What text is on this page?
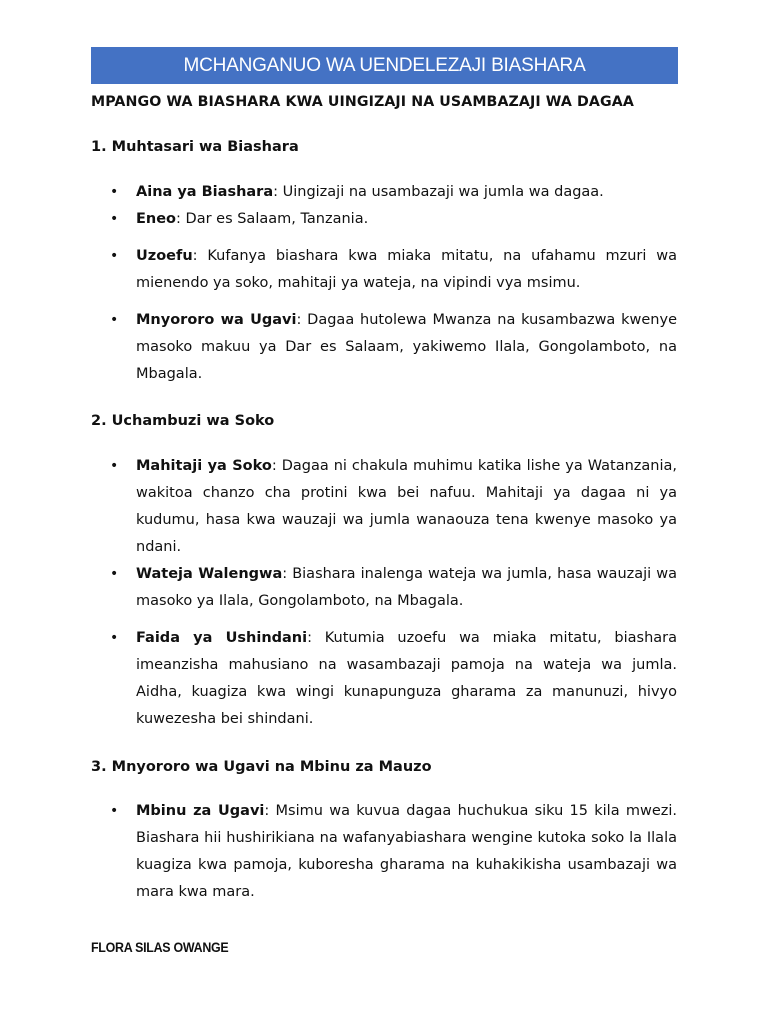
MCHANGANUO WA UENDELEZAJI BIASHARA
MPANGO WA BIASHARA KWA UINGIZAJI NA USAMBAZAJI WA DAGAA
1. Muhtasari wa Biashara
• Aina ya Biashara: Uingizaji na usambazaji wa jumla wa dagaa.
• Eneo: Dar es Salaam, Tanzania.
• Uzoefu: Kufanya biashara kwa miaka mitatu, na ufahamu mzuri wa mienendo ya soko, mahitaji ya wateja, na vipindi vya msimu.
• Mnyororo wa Ugavi: Dagaa hutolewa Mwanza na kusambazwa kwenye masoko makuu ya Dar es Salaam, yakiwemo Ilala, Gongolamboto, na Mbagala.
2. Uchambuzi wa Soko
• Mahitaji ya Soko: Dagaa ni chakula muhimu katika lishe ya Watanzania, wakitoa chanzo cha protini kwa bei nafuu. Mahitaji ya dagaa ni ya kudumu, hasa kwa wauzaji wa jumla wanaouza tena kwenye masoko ya ndani.
• Wateja Walengwa: Biashara inalenga wateja wa jumla, hasa wauzaji wa masoko ya Ilala, Gongolamboto, na Mbagala.
• Faida ya Ushindani: Kutumia uzoefu wa miaka mitatu, biashara imeanzisha mahusiano na wasambazaji pamoja na wateja wa jumla. Aidha, kuagiza kwa wingi kunapunguza gharama za manunuzi, hivyo kuwezesha bei shindani.
3. Mnyororo wa Ugavi na Mbinu za Mauzo
• Mbinu za Ugavi: Msimu wa kuvua dagaa huchukua siku 15 kila mwezi. Biashara hii hushirikiana na wafanyabiashara wengine kutoka soko la Ilala kuagiza kwa pamoja, kuboresha gharama na kuhakikisha usambazaji wa mara kwa mara.
FLORA SILAS OWANGE
